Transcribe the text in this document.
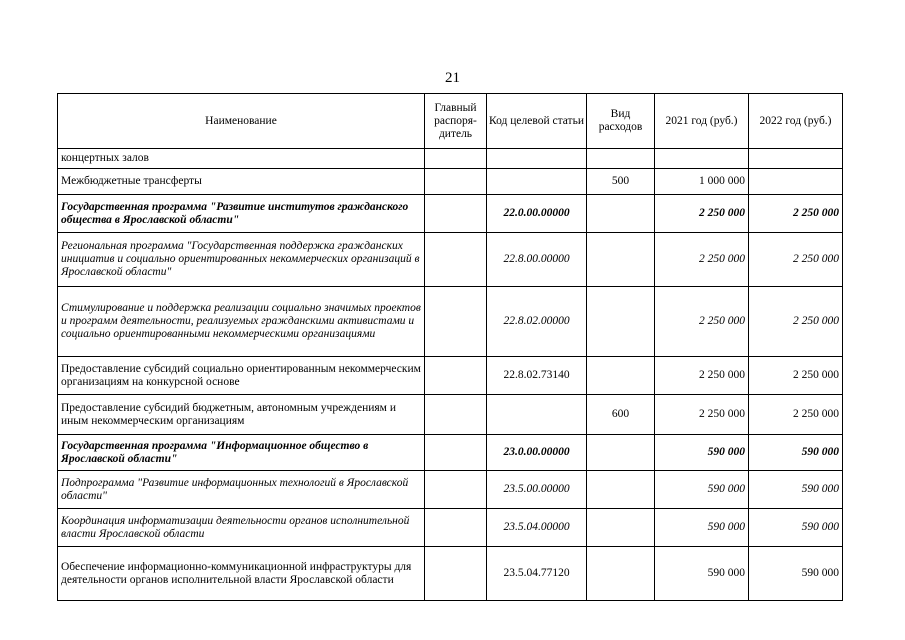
21
Наименование	Главный распоря-дитель	Код целевой статьи	Вид расходов	2021 год (руб.)	2022 год (руб.)
концертных залов					
Межбюджетные трансферты			500	1 000 000	
Государственная программа "Развитие институтов гражданского общества в Ярославской области"		22.0.00.00000		2 250 000	2 250 000
Региональная программа "Государственная поддержка гражданских инициатив и социально ориентированных некоммерческих организаций в Ярославской области"		22.8.00.00000		2 250 000	2 250 000
Стимулирование и поддержка реализации социально значимых проектов и программ деятельности, реализуемых гражданскими активистами и социально ориентированными некоммерческими организациями		22.8.02.00000		2 250 000	2 250 000
Предоставление субсидий социально ориентированным некоммерческим организациям на конкурсной основе		22.8.02.73140		2 250 000	2 250 000
Предоставление субсидий бюджетным, автономным учреждениям и иным некоммерческим организациям			600	2 250 000	2 250 000
Государственная программа "Информационное общество в Ярославской области"		23.0.00.00000		590 000	590 000
Подпрограмма "Развитие информационных технологий в Ярославской области"		23.5.00.00000		590 000	590 000
Координация информатизации деятельности органов исполнительной власти Ярославской области		23.5.04.00000		590 000	590 000
Обеспечение информационно-коммуникационной инфраструктуры для деятельности органов исполнительной власти Ярославской области		23.5.04.77120		590 000	590 000
